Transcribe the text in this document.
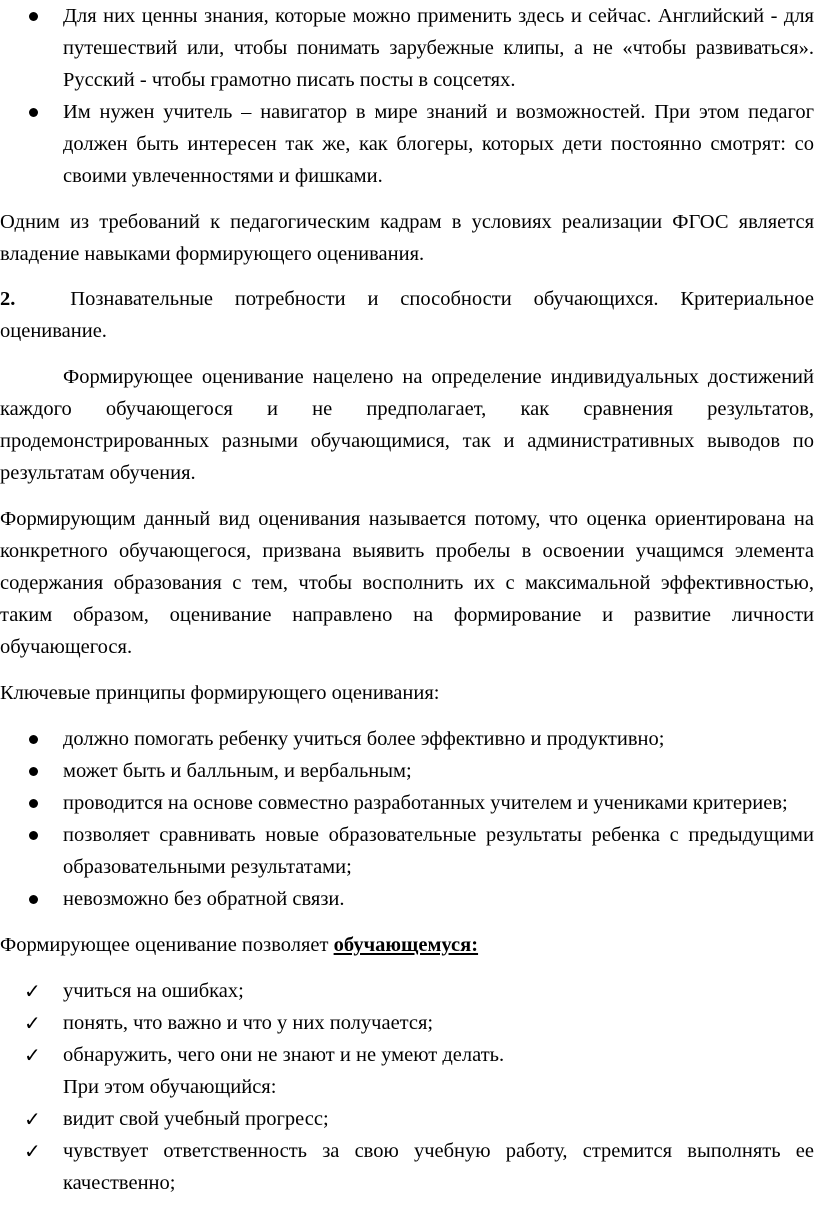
Для них ценны знания, которые можно применить здесь и сейчас. Английский - для путешествий или, чтобы понимать зарубежные клипы, а не «чтобы развиваться». Русский - чтобы грамотно писать посты в соцсетях.
Им нужен учитель – навигатор в мире знаний и возможностей. При этом педагог должен быть интересен так же, как блогеры, которых дети постоянно смотрят: со своими увлеченностями и фишками.

Одним из требований к педагогическим кадрам в условиях реализации ФГОС является владение навыками формирующего оценивания.

2.	Познавательные потребности и способности обучающихся. Критериальное оценивание.

Формирующее оценивание нацелено на определение индивидуальных достижений каждого обучающегося и не предполагает, как сравнения результатов, продемонстрированных разными обучающимися, так и административных выводов по результатам обучения.

Формирующим данный вид оценивания называется потому, что оценка ориентирована на конкретного обучающегося, призвана выявить пробелы в освоении учащимся элемента содержания образования с тем, чтобы восполнить их с максимальной эффективностью, таким образом, оценивание направлено на формирование и развитие личности обучающегося.

Ключевые принципы формирующего оценивания:

должно помогать ребенку учиться более эффективно и продуктивно;
может быть и балльным, и вербальным;
проводится на основе совместно разработанных учителем и учениками критериев;
позволяет сравнивать новые образовательные результаты ребенка с предыдущими образовательными результатами;
невозможно без обратной связи.

Формирующее оценивание позволяет обучающемуся:

✓ учиться на ошибках;
✓ понять, что важно и что у них получается;
✓ обнаружить, чего они не знают и не умеют делать.

При этом обучающийся:

✓ видит свой учебный прогресс;
✓ чувствует ответственность за свою учебную работу, стремится выполнять ее качественно;
